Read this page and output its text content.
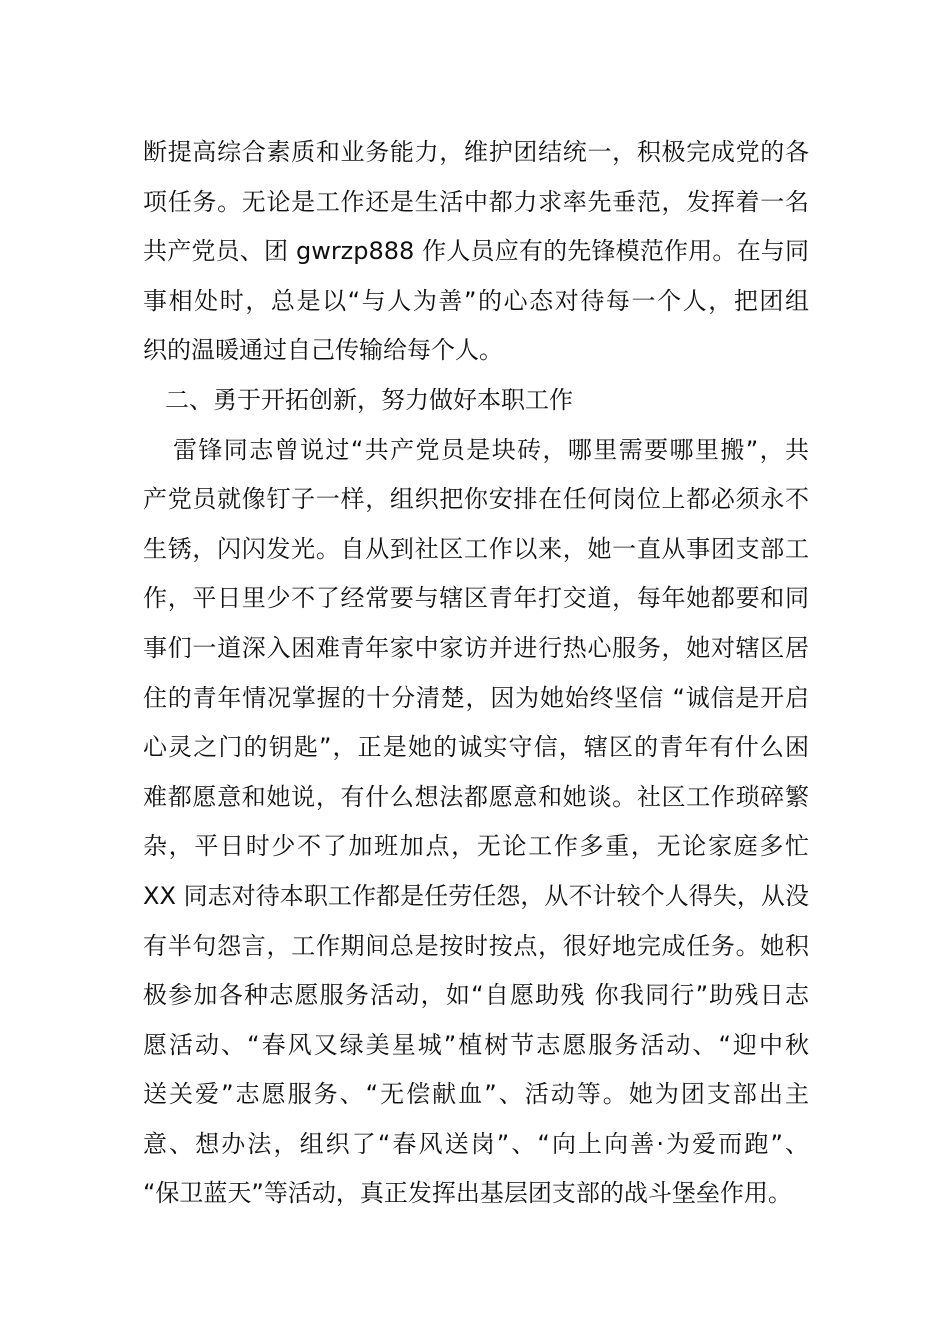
断提高综合素质和业务能力，维护团结统一，积极完成党的各
项任务。无论是工作还是生活中都力求率先垂范，发挥着一名
共产党员、团 gwrzp888 作人员应有的先锋模范作用。在与同
事相处时，总是以“与人为善”的心态对待每一个人，把团组
织的温暖通过自己传输给每个人。
二、勇于开拓创新，努力做好本职工作
雷锋同志曾说过“共产党员是块砖，哪里需要哪里搬”，共
产党员就像钉子一样，组织把你安排在任何岗位上都必须永不
生锈，闪闪发光。自从到社区工作以来，她一直从事团支部工
作，平日里少不了经常要与辖区青年打交道，每年她都要和同
事们一道深入困难青年家中家访并进行热心服务，她对辖区居
住的青年情况掌握的十分清楚，因为她始终坚信 “诚信是开启
心灵之门的钥匙”，正是她的诚实守信，辖区的青年有什么困
难都愿意和她说，有什么想法都愿意和她谈。社区工作琐碎繁
杂，平日时少不了加班加点，无论工作多重，无论家庭多忙
XX 同志对待本职工作都是任劳任怨，从不计较个人得失，从没
有半句怨言，工作期间总是按时按点，很好地完成任务。她积
极参加各种志愿服务活动，如“自愿助残 你我同行”助残日志
愿活动、“春风又绿美星城”植树节志愿服务活动、“迎中秋
送关爱”志愿服务、“无偿献血”、活动等。她为团支部出主
意、想办法，组织了“春风送岗”、“向上向善·为爱而跑”、
“保卫蓝天”等活动，真正发挥出基层团支部的战斗堡垒作用。
